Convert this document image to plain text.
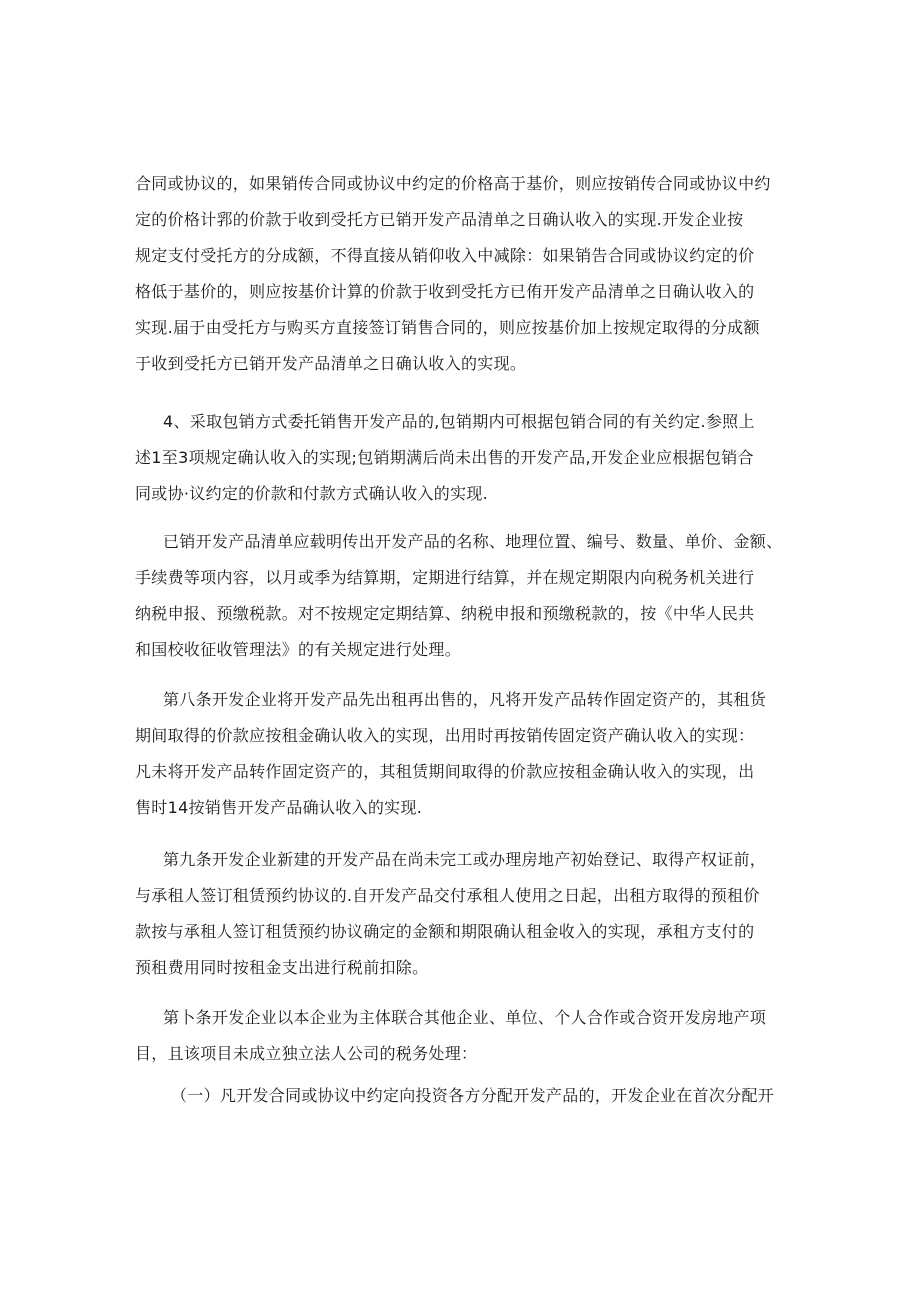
合同或协议的，如果销传合同或协议中约定的价格高于基价，则应按销传合同或协议中约
定的价格计郛的价款于收到受托方已销开发产品清单之日确认收入的实现.开发企业按
规定支付受托方的分成额，不得直接从销仰收入中减除：如果销告合同或协议约定的价
格低于基价的，则应按基价计算的价款于收到受托方已侑开发产品清单之日确认收入的
实现.届于由受托方与购买方直接签订销售合同的，则应按基价加上按规定取得的分成额
于收到受托方已销开发产品清单之日确认收入的实现。
4、采取包销方式委托销售开发产品的,包销期内可根据包销合同的有关约定.参照上
述1至3项规定确认收入的实现;包销期满后尚未出售的开发产品,开发企业应根据包销合
同或协·议约定的价款和付款方式确认收入的实现.
已销开发产品清单应载明传出开发产品的名称、地理位置、编号、数量、单价、金额、
手续费等项内容，以月或季为结算期，定期进行结算，并在规定期限内向税务机关进行
纳税申报、预缴税款。对不按规定定期结算、纳税申报和预缴税款的，按《中华人民共
和国校收征收管理法》的有关规定进行处理。
第八条开发企业将开发产品先出租再出售的，凡将开发产品转作固定资产的，其租货
期间取得的价款应按租金确认收入的实现，出用时再按销传固定资产确认收入的实现：
凡未将开发产品转作固定资产的，其租赁期间取得的价款应按租金确认收入的实现，出
售时14按销售开发产品确认收入的实现.
第九条开发企业新建的开发产品在尚未完工或办理房地产初始登记、取得产权证前，
与承租人签订租赁预约协议的.自开发产品交付承租人使用之日起，出租方取得的预租价
款按与承租人签订租赁预约协议确定的金额和期限确认租金收入的实现，承租方支付的
预租费用同时按租金支出进行税前扣除。
第卜条开发企业以本企业为主体联合其他企业、单位、个人合作或合资开发房地产项
目，且该项目未成立独立法人公司的税务处理：
（一）凡开发合同或协议中约定向投资各方分配开发产品的，开发企业在首次分配开
